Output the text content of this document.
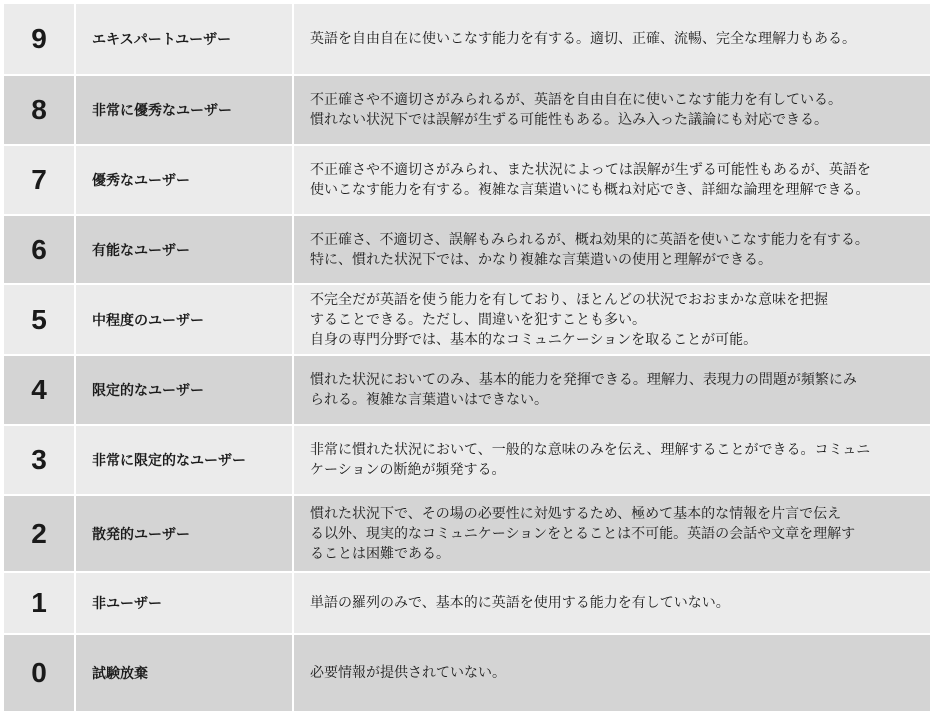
9	エキスパートユーザー	英語を自由自在に使いこなす能力を有する。適切、正確、流暢、完全な理解力もある。

8	非常に優秀なユーザー	不正確さや不適切さがみられるが、英語を自由自在に使いこなす能力を有している。
慣れない状況下では誤解が生ずる可能性もある。込み入った議論にも対応できる。

7	優秀なユーザー	不正確さや不適切さがみられ、また状況によっては誤解が生ずる可能性もあるが、英語を
使いこなす能力を有する。複雑な言葉遣いにも概ね対応でき、詳細な論理を理解できる。

6	有能なユーザー	不正確さ、不適切さ、誤解もみられるが、概ね効果的に英語を使いこなす能力を有する。
特に、慣れた状況下では、かなり複雑な言葉遣いの使用と理解ができる。

5	中程度のユーザー	不完全だが英語を使う能力を有しており、ほとんどの状況でおおまかな意味を把握
することできる。ただし、間違いを犯すことも多い。
自身の専門分野では、基本的なコミュニケーションを取ることが可能。

4	限定的なユーザー	慣れた状況においてのみ、基本的能力を発揮できる。理解力、表現力の問題が頻繁にみ
られる。複雑な言葉遣いはできない。

3	非常に限定的なユーザー	非常に慣れた状況において、一般的な意味のみを伝え、理解することができる。コミュニ
ケーションの断絶が頻発する。

2	散発的ユーザー	慣れた状況下で、その場の必要性に対処するため、極めて基本的な情報を片言で伝え
る以外、現実的なコミュニケーションをとることは不可能。英語の会話や文章を理解す
ることは困難である。

1	非ユーザー	単語の羅列のみで、基本的に英語を使用する能力を有していない。

0	試験放棄	必要情報が提供されていない。
